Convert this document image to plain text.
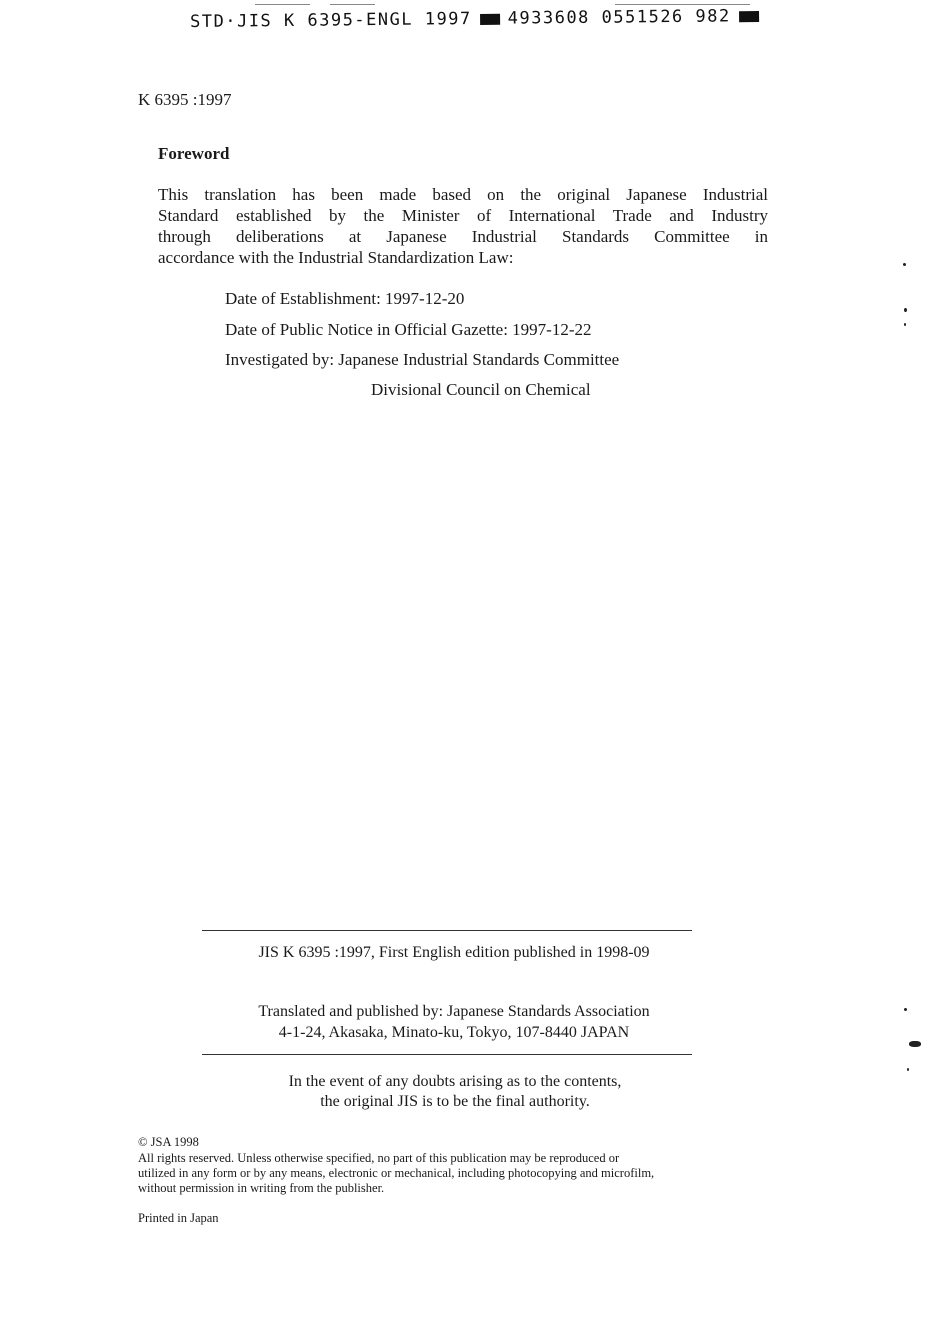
STD·JIS K 6395-ENGL 1997 4933608 0551526 982
K 6395 :1997
Foreword
This translation has been made based on the original Japanese Industrial
Standard established by the Minister of International Trade and Industry
through deliberations at Japanese Industrial Standards Committee in
accordance with the Industrial Standardization Law:
Date of Establishment: 1997-12-20
Date of Public Notice in Official Gazette: 1997-12-22
Investigated by: Japanese Industrial Standards Committee
Divisional Council on Chemical
JIS K 6395 :1997, First English edition published in 1998-09
Translated and published by: Japanese Standards Association
4-1-24, Akasaka, Minato-ku, Tokyo, 107-8440 JAPAN
In the event of any doubts arising as to the contents,
the original JIS is to be the final authority.
© JSA 1998
All rights reserved. Unless otherwise specified, no part of this publication may be reproduced or
utilized in any form or by any means, electronic or mechanical, including photocopying and microfilm,
without permission in writing from the publisher.
Printed in Japan
